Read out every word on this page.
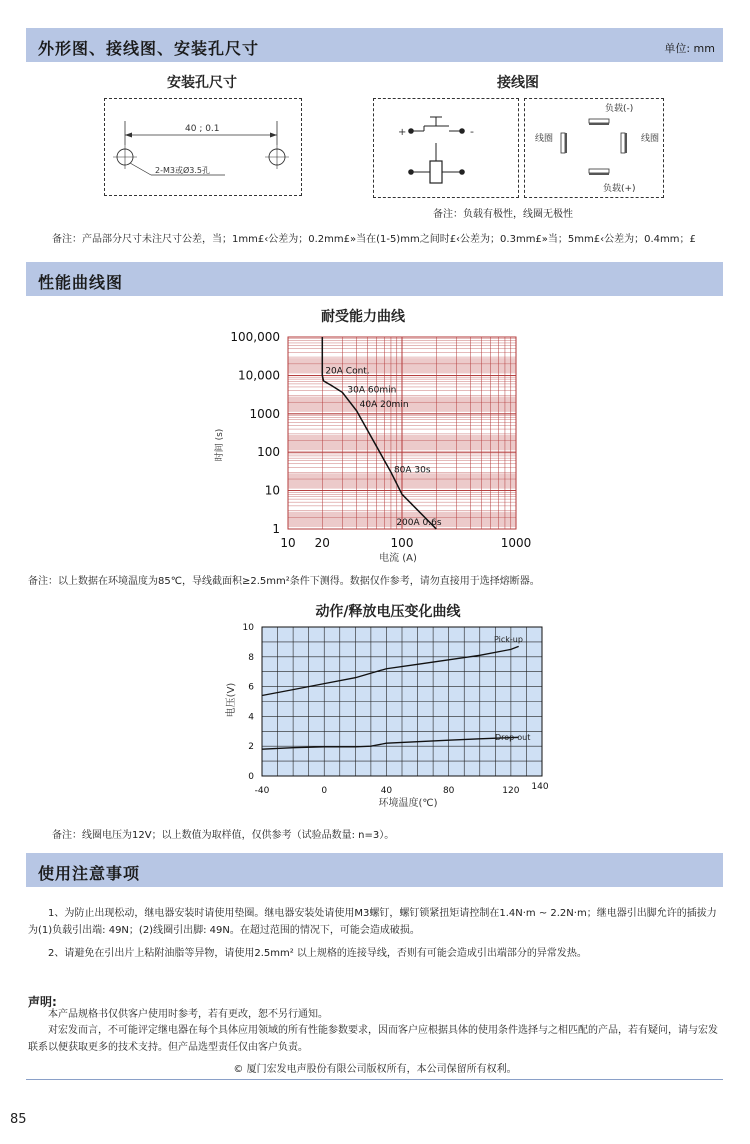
外形图、接线图、安装孔尺寸	单位: mm
安装孔尺寸
40 ; 0.1
2-M3或Ø3.5孔
接线图
+	-
负载(-)
负载(+)
线圈	线圈
备注：负载有极性，线圈无极性
备注：产品部分尺寸未注尺寸公差，当；1mm£‹公差为；0.2mm£»当在(1-5)mm之间时£‹公差为；0.3mm£»当；5mm£‹公差为；0.4mm；£
性能曲线图
耐受能力曲线
100,000
10,000
1000
100
10
1
10 20	100	1000
20A Cont.
30A 60min
40A 20min
80A 30s
200A 0.6s
时间 (s)
电流 (A)
备注：以上数据在环境温度为85℃，导线截面积≥2.5mm²条件下测得。数据仅作参考，请勿直接用于选择熔断器。
动作/释放电压变化曲线
10
8
6
4
2
0
-40	0	40	80	120 140
Pick-up
Drop-out
电压(V)
环境温度(℃)
备注：线圈电压为12V；以上数值为取样值，仅供参考（试验品数量: n=3）。
使用注意事项
1、为防止出现松动，继电器安装时请使用垫圈。继电器安装处请使用M3螺钉，螺钉锁紧扭矩请控制在1.4N·m ~ 2.2N·m；继电器引出脚允许的插拔力为(1)负载引出端: 49N；(2)线圈引出脚: 49N。在超过范围的情况下，可能会造成破损。
2、请避免在引出片上粘附油脂等异物，请使用2.5mm² 以上规格的连接导线，否则有可能会造成引出端部分的异常发热。
声明:
本产品规格书仅供客户使用时参考，若有更改，恕不另行通知。
对宏发而言，不可能评定继电器在每个具体应用领域的所有性能参数要求，因而客户应根据具体的使用条件选择与之相匹配的产品，若有疑问，请与宏发联系以便获取更多的技术支持。但产品选型责任仅由客户负责。
© 厦门宏发电声股份有限公司版权所有，本公司保留所有权利。
85
